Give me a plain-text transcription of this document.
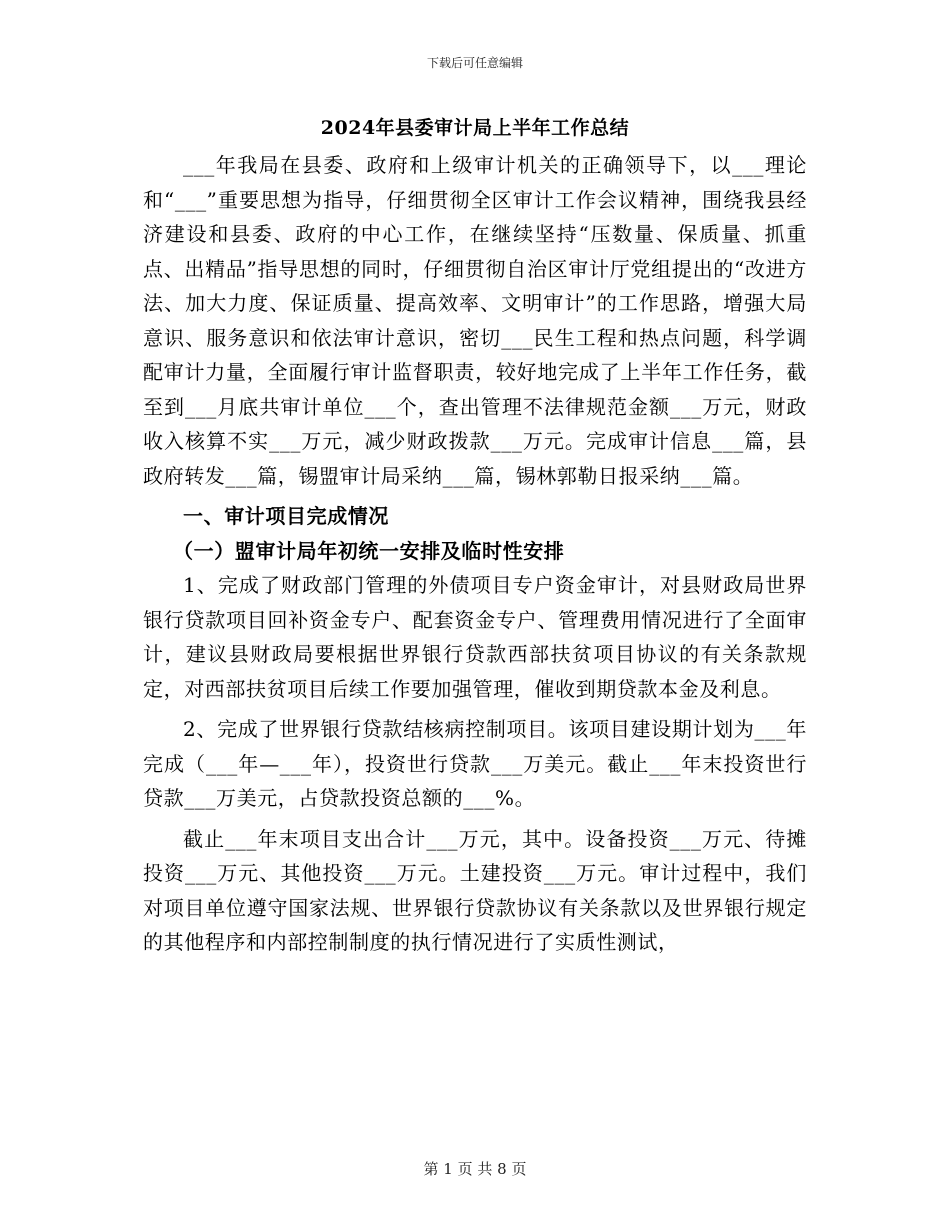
下载后可任意编辑
2024年县委审计局上半年工作总结

___年我局在县委、政府和上级审计机关的正确领导下，以___理论和“___”重要思想为指导，仔细贯彻全区审计工作会议精神，围绕我县经济建设和县委、政府的中心工作，在继续坚持“压数量、保质量、抓重点、出精品”指导思想的同时，仔细贯彻自治区审计厅党组提出的“改进方法、加大力度、保证质量、提高效率、文明审计”的工作思路，增强大局意识、服务意识和依法审计意识，密切___民生工程和热点问题，科学调配审计力量，全面履行审计监督职责，较好地完成了上半年工作任务，截至到___月底共审计单位___个，查出管理不法律规范金额___万元，财政收入核算不实___万元，减少财政拨款___万元。完成审计信息___篇，县政府转发___篇，锡盟审计局采纳___篇，锡林郭勒日报采纳___篇。

一、审计项目完成情况

（一）盟审计局年初统一安排及临时性安排

1、完成了财政部门管理的外债项目专户资金审计，对县财政局世界银行贷款项目回补资金专户、配套资金专户、管理费用情况进行了全面审计，建议县财政局要根据世界银行贷款西部扶贫项目协议的有关条款规定，对西部扶贫项目后续工作要加强管理，催收到期贷款本金及利息。

2、完成了世界银行贷款结核病控制项目。该项目建设期计划为___年完成（___年—___年），投资世行贷款___万美元。截止___年末投资世行贷款___万美元，占贷款投资总额的___%。

截止___年末项目支出合计___万元，其中。设备投资___万元、待摊投资___万元、其他投资___万元。土建投资___万元。审计过程中，我们对项目单位遵守国家法规、世界银行贷款协议有关条款以及世界银行规定的其他程序和内部控制制度的执行情况进行了实质性测试，

第 1 页 共 8 页
